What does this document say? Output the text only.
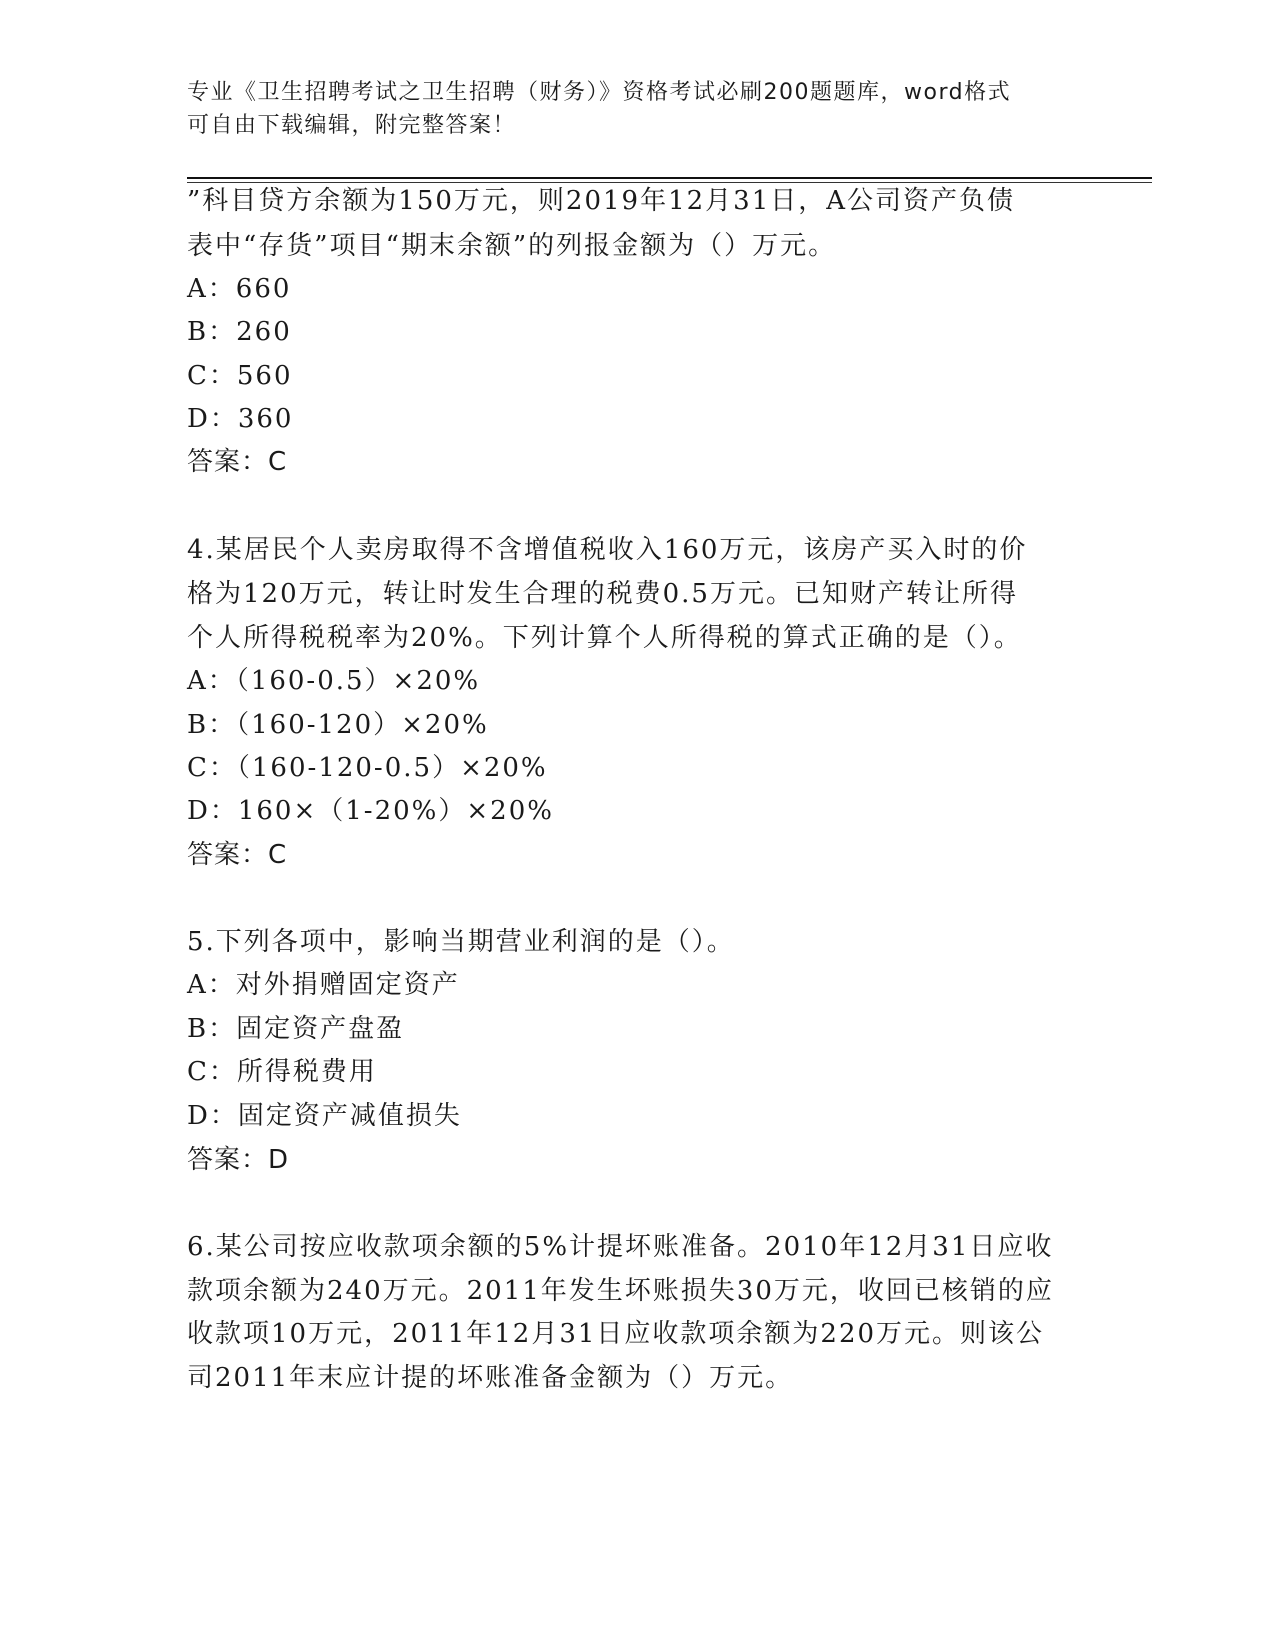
专业《卫生招聘考试之卫生招聘（财务）》资格考试必刷200题题库，word格式
可自由下载编辑，附完整答案！
”科目贷方余额为150万元，则2019年12月31日，A公司资产负债
表中“存货”项目“期末余额”的列报金额为（）万元。
A：660
B：260
C：560
D：360
答案：C
4.某居民个人卖房取得不含增值税收入160万元，该房产买入时的价
格为120万元，转让时发生合理的税费0.5万元。已知财产转让所得
个人所得税税率为20%。下列计算个人所得税的算式正确的是（）。
A：（160-0.5）×20%
B：（160-120）×20%
C：（160-120-0.5）×20%
D：160×（1-20%）×20%
答案：C
5.下列各项中，影响当期营业利润的是（）。
A：对外捐赠固定资产
B：固定资产盘盈
C：所得税费用
D：固定资产减值损失
答案：D
6.某公司按应收款项余额的5%计提坏账准备。2010年12月31日应收
款项余额为240万元。2011年发生坏账损失30万元，收回已核销的应
收款项10万元，2011年12月31日应收款项余额为220万元。则该公
司2011年末应计提的坏账准备金额为（）万元。
